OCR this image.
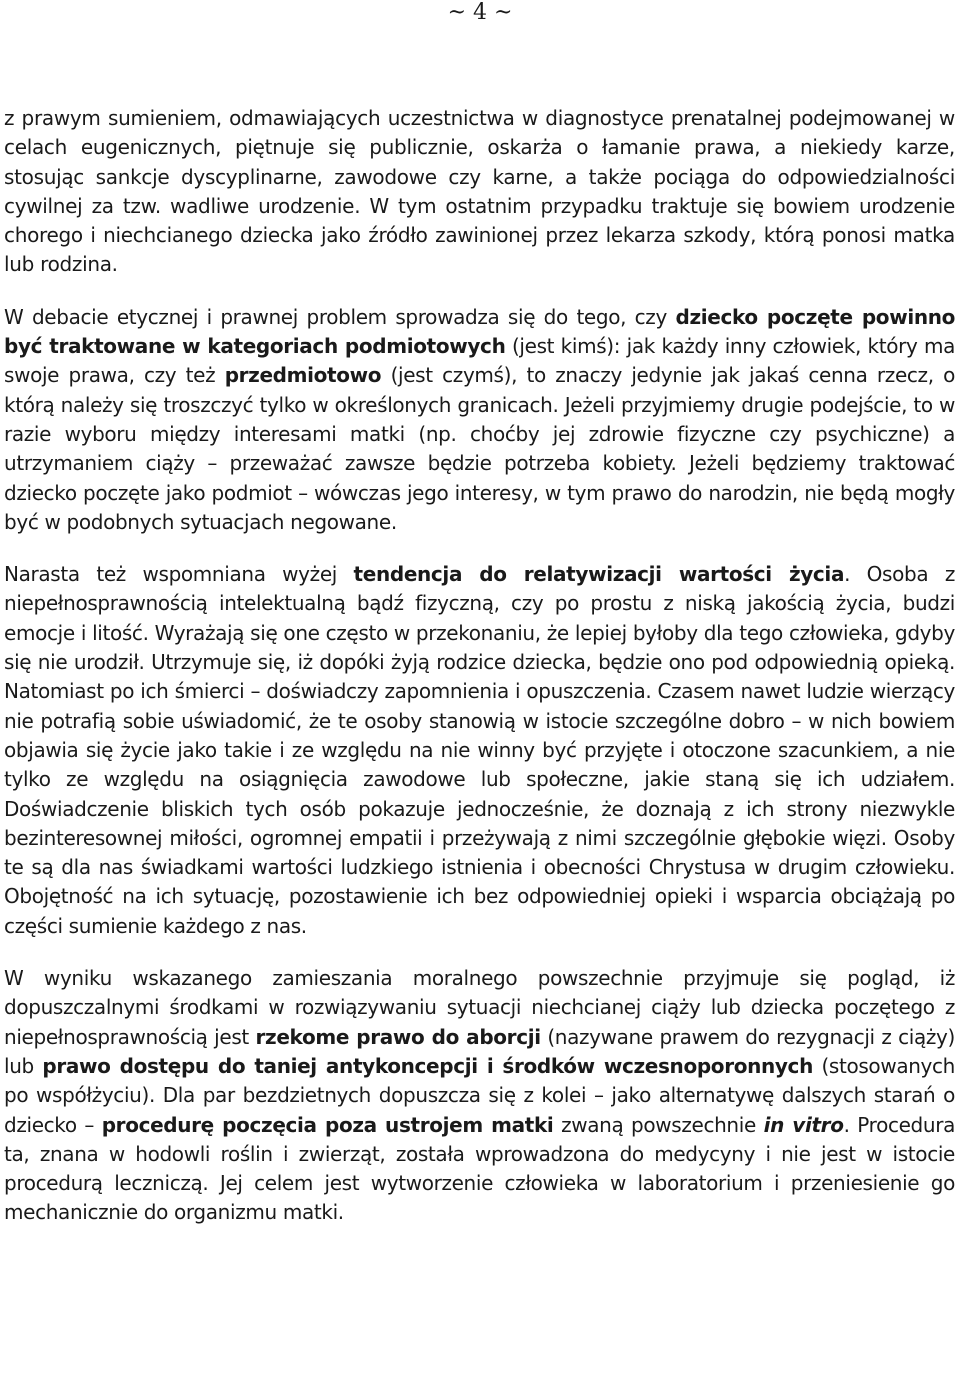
~ 4 ~

z prawym sumieniem, odmawiających uczestnictwa w diagnostyce prenatalnej podejmowanej w celach eugenicznych, piętnuje się publicznie, oskarża o łamanie prawa, a niekiedy karze, stosując sankcje dyscyplinarne, zawodowe czy karne, a także pociąga do odpowiedzialności cywilnej za tzw. wadliwe urodzenie. W tym ostatnim przypadku traktuje się bowiem urodzenie chorego i niechcianego dziecka jako źródło zawinionej przez lekarza szkody, którą ponosi matka lub rodzina.

W debacie etycznej i prawnej problem sprowadza się do tego, czy dziecko poczęte powinno być traktowane w kategoriach podmiotowych (jest kimś): jak każdy inny człowiek, który ma swoje prawa, czy też przedmiotowo (jest czymś), to znaczy jedynie jak jakaś cenna rzecz, o którą należy się troszczyć tylko w określonych granicach. Jeżeli przyjmiemy drugie podejście, to w razie wyboru między interesami matki (np. choćby jej zdrowie fizyczne czy psychiczne) a utrzymaniem ciąży – przeważać zawsze będzie potrzeba kobiety. Jeżeli będziemy traktować dziecko poczęte jako podmiot – wówczas jego interesy, w tym prawo do narodzin, nie będą mogły być w podobnych sytuacjach negowane.

Narasta też wspomniana wyżej tendencja do relatywizacji wartości życia. Osoba z niepełnosprawnością intelektualną bądź fizyczną, czy po prostu z niską jakością życia, budzi emocje i litość. Wyrażają się one często w przekonaniu, że lepiej byłoby dla tego człowieka, gdyby się nie urodził. Utrzymuje się, iż dopóki żyją rodzice dziecka, będzie ono pod odpowiednią opieką. Natomiast po ich śmierci – doświadczy zapomnienia i opuszczenia. Czasem nawet ludzie wierzący nie potrafią sobie uświadomić, że te osoby stanowią w istocie szczególne dobro – w nich bowiem objawia się życie jako takie i ze względu na nie winny być przyjęte i otoczone szacunkiem, a nie tylko ze względu na osiągnięcia zawodowe lub społeczne, jakie staną się ich udziałem. Doświadczenie bliskich tych osób pokazuje jednocześnie, że doznają z ich strony niezwykle bezinteresownej miłości, ogromnej empatii i przeżywają z nimi szczególnie głębokie więzi. Osoby te są dla nas świadkami wartości ludzkiego istnienia i obecności Chrystusa w drugim człowieku. Obojętność na ich sytuację, pozostawienie ich bez odpowiedniej opieki i wsparcia obciążają po części sumienie każdego z nas.

W wyniku wskazanego zamieszania moralnego powszechnie przyjmuje się pogląd, iż dopuszczalnymi środkami w rozwiązywaniu sytuacji niechcianej ciąży lub dziecka poczętego z niepełnosprawnością jest rzekome prawo do aborcji (nazywane prawem do rezygnacji z ciąży) lub prawo dostępu do taniej antykoncepcji i środków wczesnoporonnych (stosowanych po współżyciu). Dla par bezdzietnych dopuszcza się z kolei – jako alternatywę dalszych starań o dziecko – procedurę poczęcia poza ustrojem matki zwaną powszechnie in vitro. Procedura ta, znana w hodowli roślin i zwierząt, została wprowadzona do medycyny i nie jest w istocie procedurą leczniczą. Jej celem jest wytworzenie człowieka w laboratorium i przeniesienie go mechanicznie do organizmu matki.
